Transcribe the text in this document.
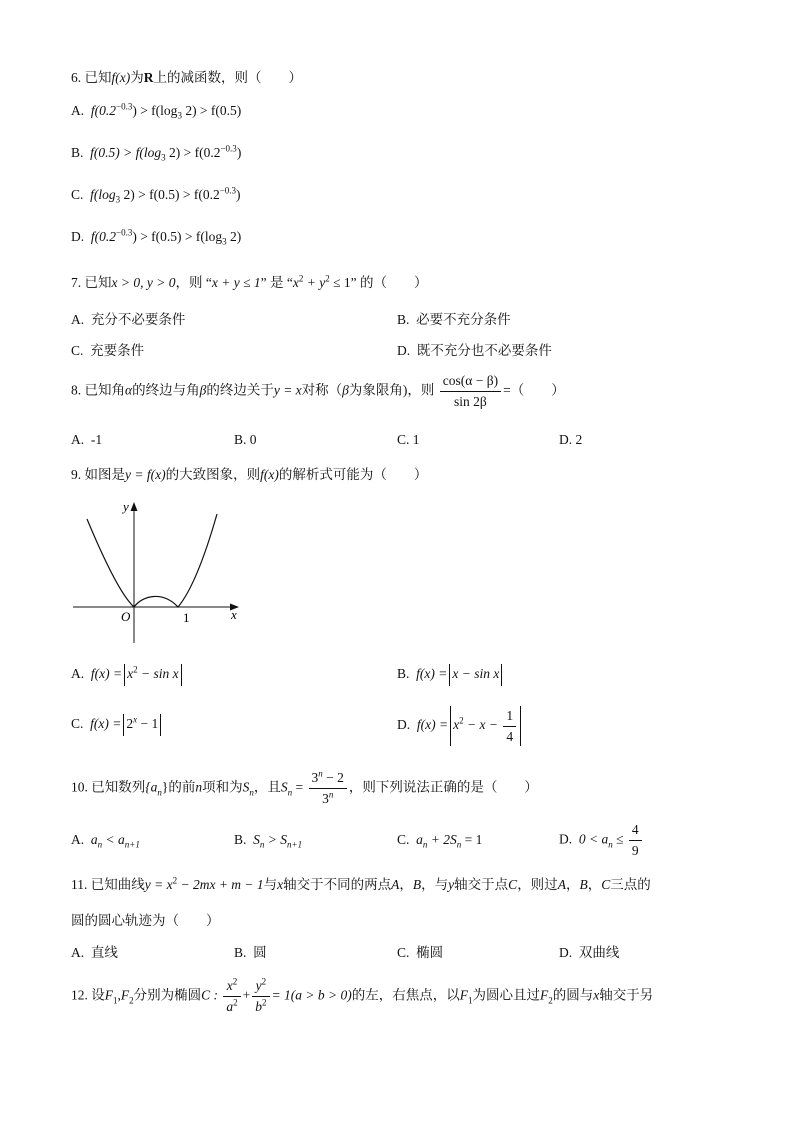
6. 已知f(x)为R上的减函数，则（　　）
A. $f(0.2^{-0.3}) > f(\log_3$ 2) > f(0.5)
B. $f(0.5) > f(\log_3$ $2) > f(0.2^{-0.3})$
C. $f(\log_3$ $2) > f(0.5) > f(0.2^{-0.3})$
D. $f(0.2^{-0.3}) > f(0.5) > f(\log_3$ 2)
7. 已知x > 0, y > 0，则 “x + y ≤ 1” 是 “$x^2 + y^2 \le 1$” 的（　　）
A. 充分不必要条件	B. 必要不充分条件
C. 充要条件	D. 既不充分也不必要条件
8. 已知角α的终边与角β的终边关于y = x对称（β为象限角)，则 $\frac{\cos(\alpha - \beta)}{\sin 2\beta}$ =（　　）
A. -1	B. 0	C. 1	D. 2
9. 如图是y = f(x)的大致图象，则f(x)的解析式可能为（　　）
y
x
O	1
A. $f(x) = x^2 - \sin x$	B. f(x) = x − sin x
C. $f(x) = 2^x - 1$	D. $f(x) = x^2 - x - \frac{1}{4}$
10. 已知数列$\{a_n\}$的前n项和为$S_n$，且$S_n = \frac{3^n - 2}{3^n}$ ，则下列说法正确的是（　　）
A. $a_n < a_{n+1}$	B. $S_n > S_{n+1}$	C. $a_n + 2S_n = 1$	D. $0 < a_n \le \frac{4}{9}$
11. 已知曲线$y = x^2 - 2mx + m - 1$与x轴交于不同的两点A，B，与y轴交于点C，则过A，B，C三点的
圆的圆心轨迹为（　　）
A. 直线	B. 圆	C. 椭圆	D. 双曲线
12. 设$F_1,F_2$分别为椭圆C : $\frac{x^2}{a^2} + \frac{y^2}{b^2} = 1(a > b > 0)$的左，右焦点，以$F_1$为圆心且过$F_2$的圆与x轴交于另
